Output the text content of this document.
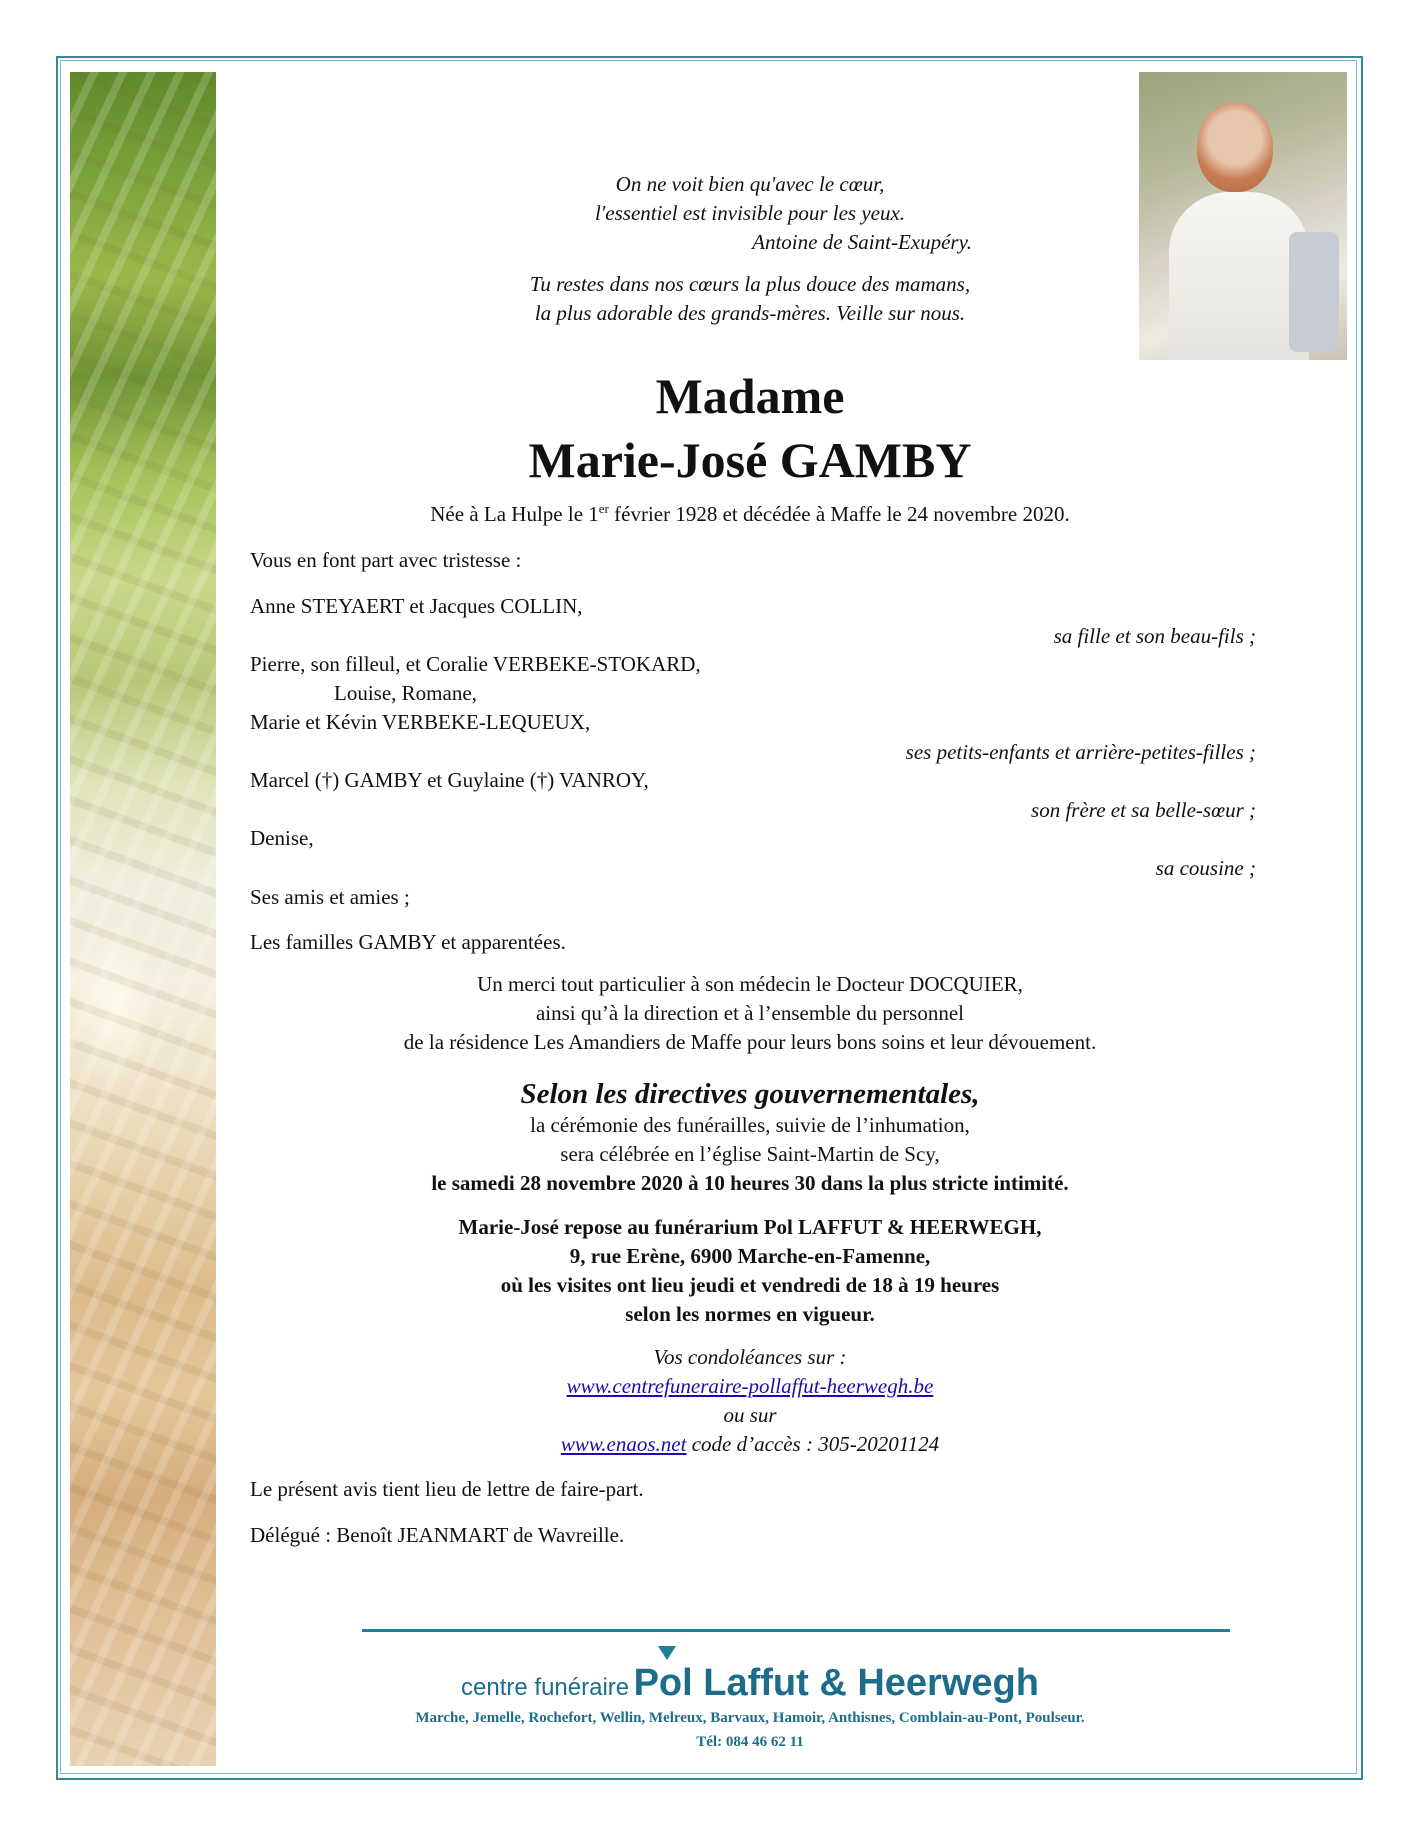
On ne voit bien qu'avec le cœur,
l'essentiel est invisible pour les yeux.
Antoine de Saint-Exupéry.
Tu restes dans nos cœurs la plus douce des mamans,
la plus adorable des grands-mères. Veille sur nous.
Madame
Marie-José GAMBY
Née à La Hulpe le 1er février 1928 et décédée à Maffe le 24 novembre 2020.
Vous en font part avec tristesse :
Anne STEYAERT et Jacques COLLIN,
sa fille et son beau-fils ;
Pierre, son filleul, et Coralie VERBEKE-STOKARD,
Louise, Romane,
Marie et Kévin VERBEKE-LEQUEUX,
ses petits-enfants et arrière-petites-filles ;
Marcel (†) GAMBY et Guylaine (†) VANROY,
son frère et sa belle-sœur ;
Denise,
sa cousine ;
Ses amis et amies ;
Les familles GAMBY et apparentées.
Un merci tout particulier à son médecin le Docteur DOCQUIER,
ainsi qu’à la direction et à l’ensemble du personnel
de la résidence Les Amandiers de Maffe pour leurs bons soins et leur dévouement.
Selon les directives gouvernementales,
la cérémonie des funérailles, suivie de l’inhumation,
sera célébrée en l’église Saint-Martin de Scy,
le samedi 28 novembre 2020 à 10 heures 30 dans la plus stricte intimité.
Marie-José repose au funérarium Pol LAFFUT & HEERWEGH,
9, rue Erène, 6900 Marche-en-Famenne,
où les visites ont lieu jeudi et vendredi de 18 à 19 heures
selon les normes en vigueur.
Vos condoléances sur :
www.centrefuneraire-pollaffut-heerwegh.be
ou sur
www.enaos.net code d’accès : 305-20201124
Le présent avis tient lieu de lettre de faire-part.
Délégué : Benoît JEANMART de Wavreille.
centre funéraire Pol Laffut & Heerwegh
Marche, Jemelle, Rochefort, Wellin, Melreux, Barvaux, Hamoir, Anthisnes, Comblain-au-Pont, Poulseur.
Tél: 084 46 62 11
